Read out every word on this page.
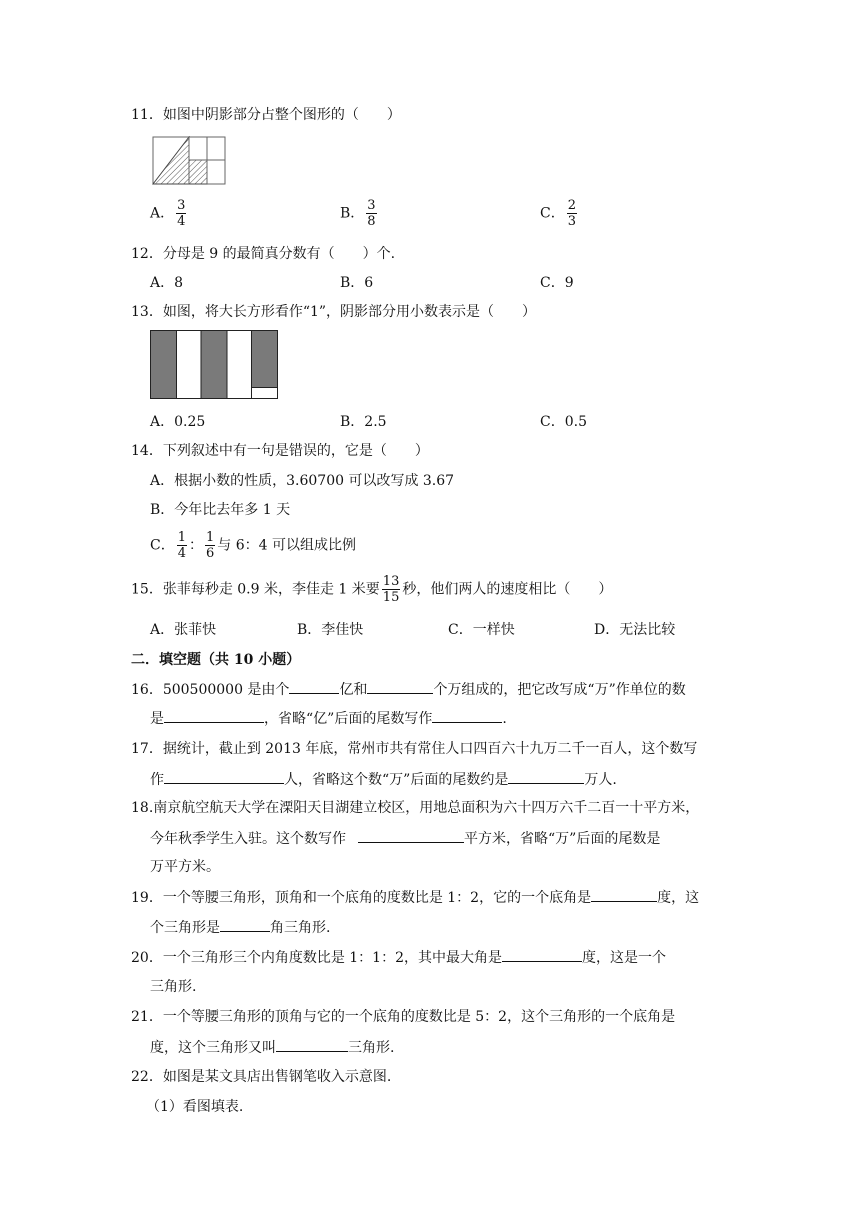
11．如图中阴影部分占整个图形的（　　）
A． $\frac{3}{4}$	B． $\frac{3}{8}$	C． $\frac{2}{3}$
12．分母是 9 的最简真分数有（　　）个.
A．8	B．6	C．9
13．如图，将大长方形看作“1”，阴影部分用小数表示是（　　）
A．0.25	B．2.5	C．0.5
14．下列叙述中有一句是错误的，它是（　　）
A．根据小数的性质，3.60700 可以改写成 3.67
B．今年比去年多 1 天
C． $\frac{1}{4}$ ： $\frac{1}{6}$ 与 6：4 可以组成比例
15．张菲每秒走 0.9 米，李佳走 1 米要 $\frac{13}{15}$ 秒，他们两人的速度相比（　　）
A．张菲快	B．李佳快	C．一样快	D．无法比较
二．填空题（共 10 小题）
16．500500000 是由个	亿和	个万组成的，把它改写成“万”作单位的数
是	，省略“亿”后面的尾数写作	.
17．据统计，截止到 2013 年底，常州市共有常住人口四百六十九万二千一百人，这个数写
作	人，省略这个数“万”后面的尾数约是	万人.
18.南京航空航天大学在溧阳天目湖建立校区，用地总面积为六十四万六千二百一十平方米，
今年秋季学生入驻。这个数写作	平方米，省略“万”后面的尾数是
万平方米。
19．一个等腰三角形，顶角和一个底角的度数比是 1：2，它的一个底角是	度，这
个三角形是	角三角形.
20．一个三角形三个内角度数比是 1：1：2，其中最大角是	度，这是一个
三角形.
21．一个等腰三角形的顶角与它的一个底角的度数比是 5：2，这个三角形的一个底角是
度，这个三角形又叫	三角形.
22．如图是某文具店出售钢笔收入示意图.
（1）看图填表.
